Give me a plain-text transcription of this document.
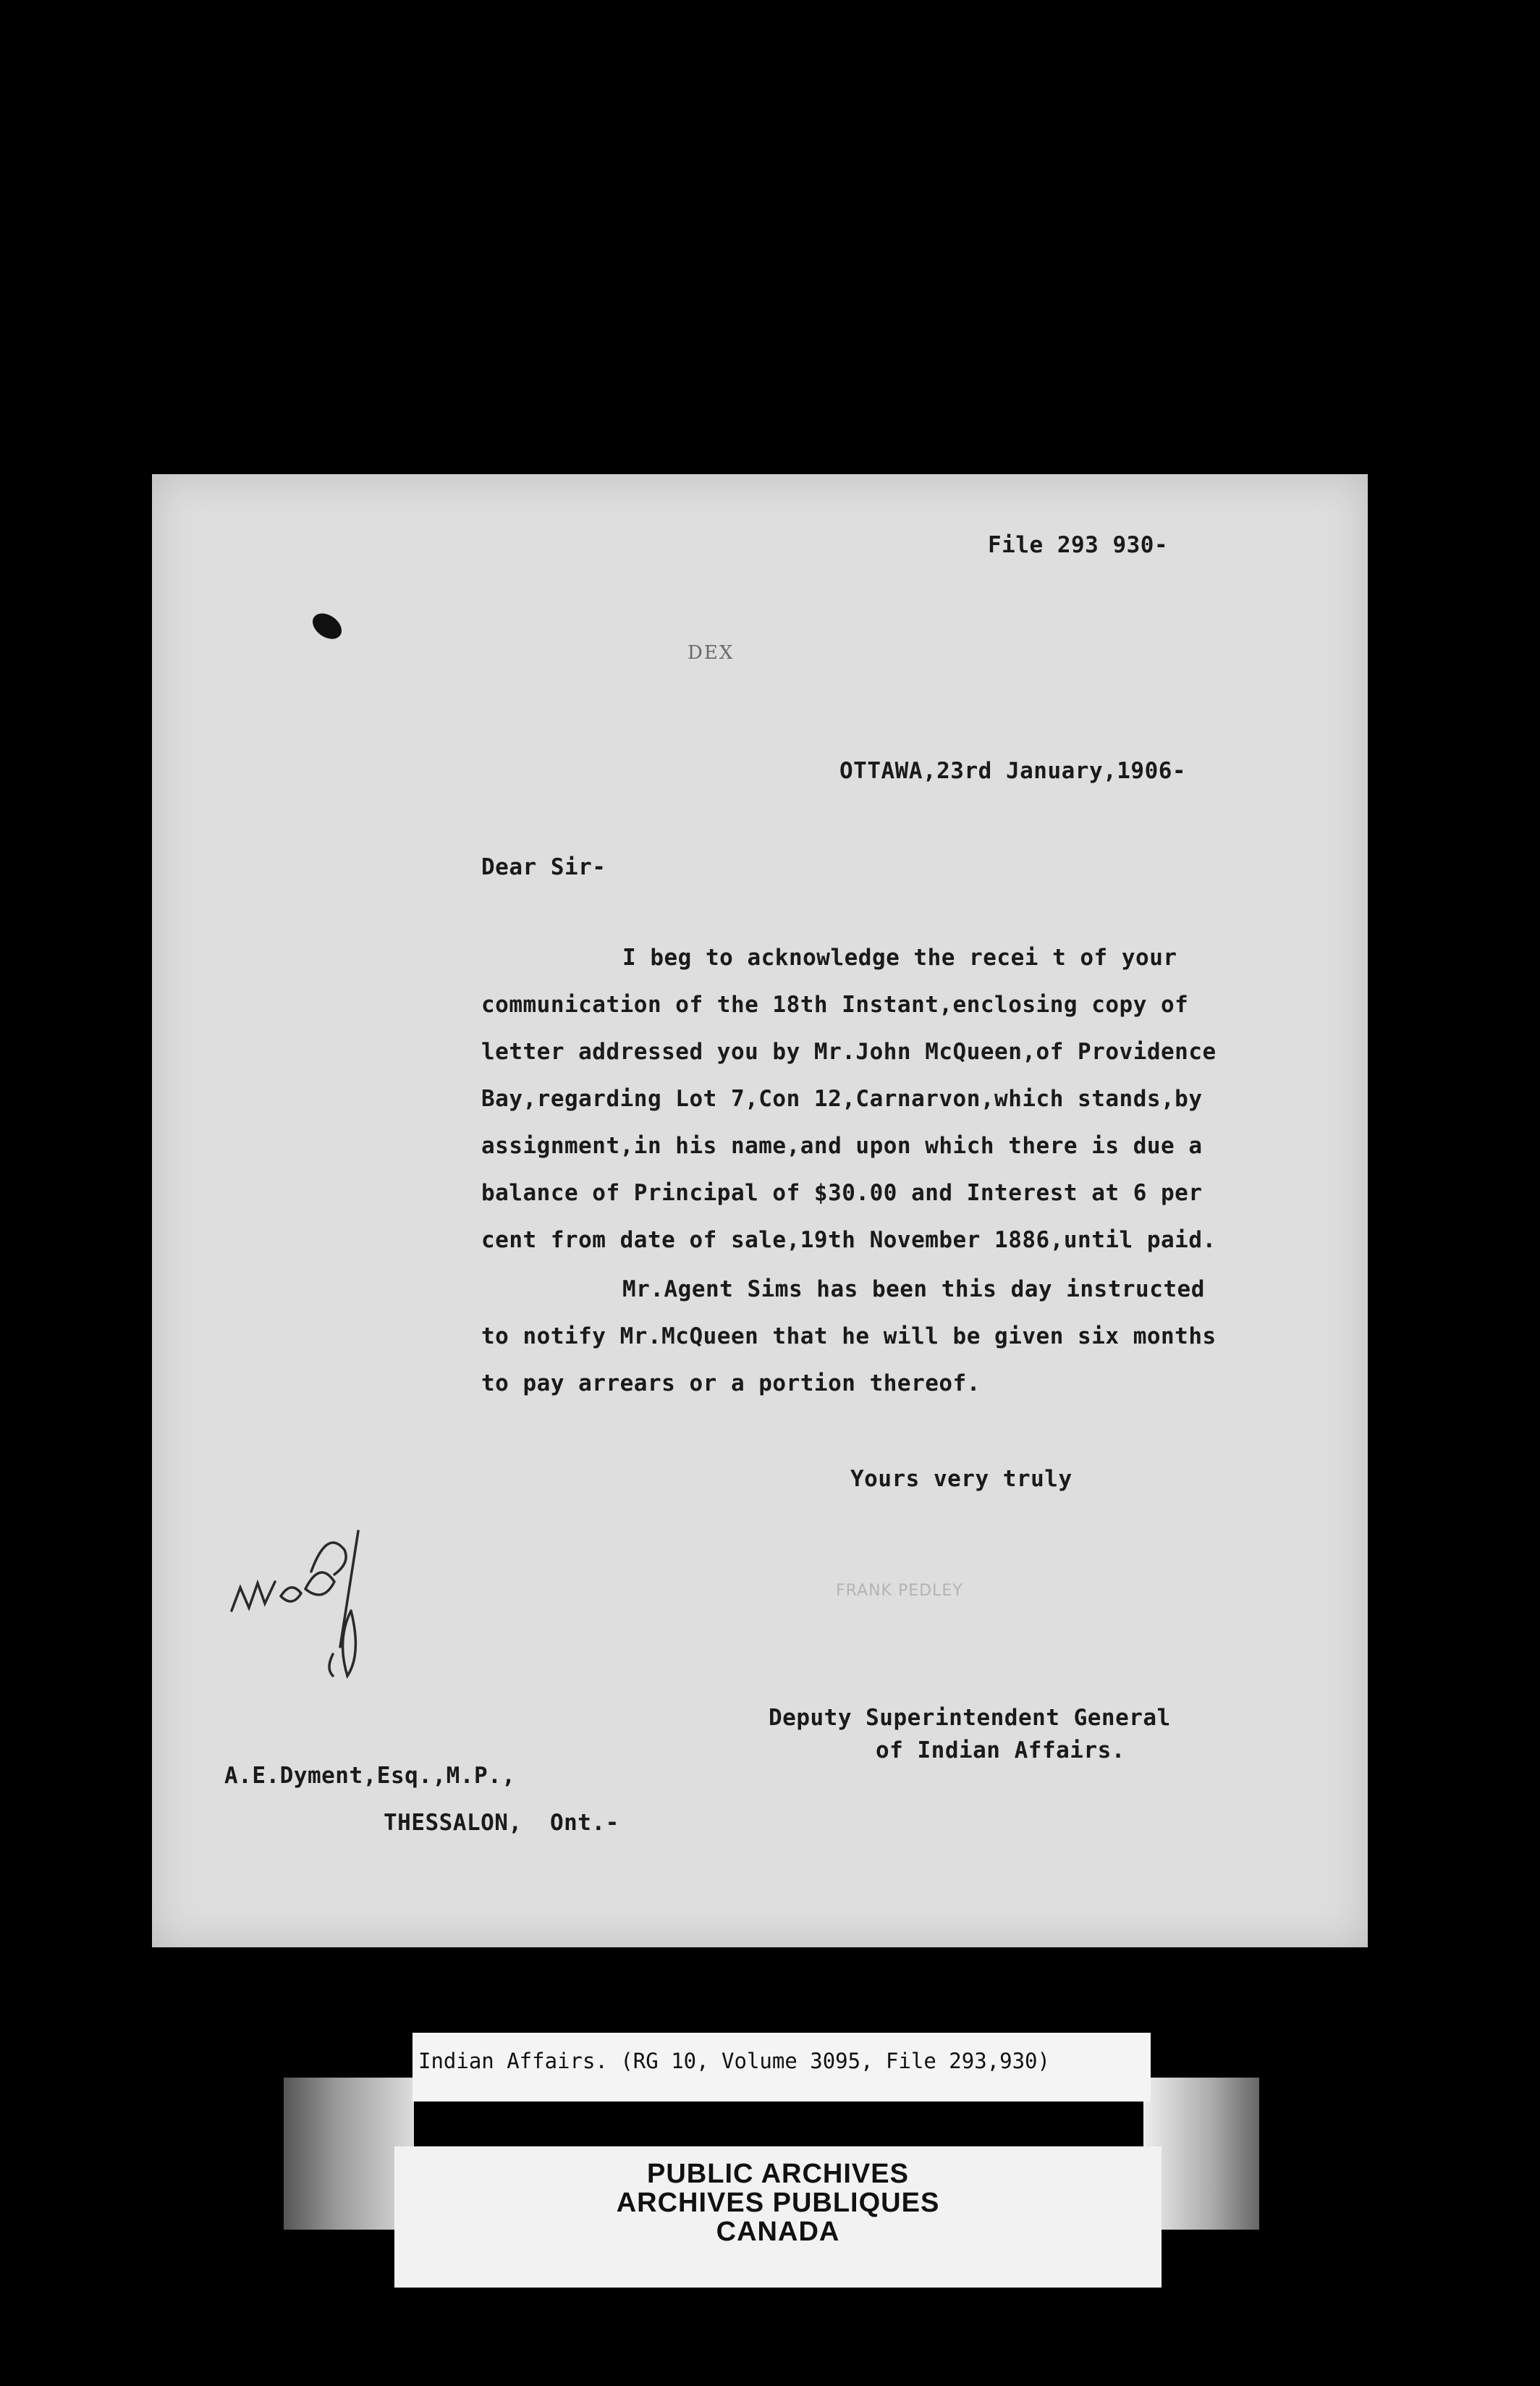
File 293 930-
DEX
OTTAWA,23rd January,1906-
Dear Sir-
I beg to acknowledge the recei t of your
communication of the 18th Instant,enclosing copy of
letter addressed you by Mr.John McQueen,of Providence
Bay,regarding Lot 7,Con 12,Carnarvon,which stands,by
assignment,in his name,and upon which there is due a
balance of Principal of $30.00 and Interest at 6 per
cent from date of sale,19th November 1886,until paid.
Mr.Agent Sims has been this day instructed
to notify Mr.McQueen that he will be given six months
to pay arrears or a portion thereof.
Yours very truly
FRANK PEDLEY
Deputy Superintendent General
of Indian Affairs.
A.E.Dyment,Esq.,M.P.,
THESSALON,  Ont.-
Indian Affairs. (RG 10, Volume 3095, File 293,930)
PUBLIC ARCHIVES
ARCHIVES PUBLIQUES
CANADA
